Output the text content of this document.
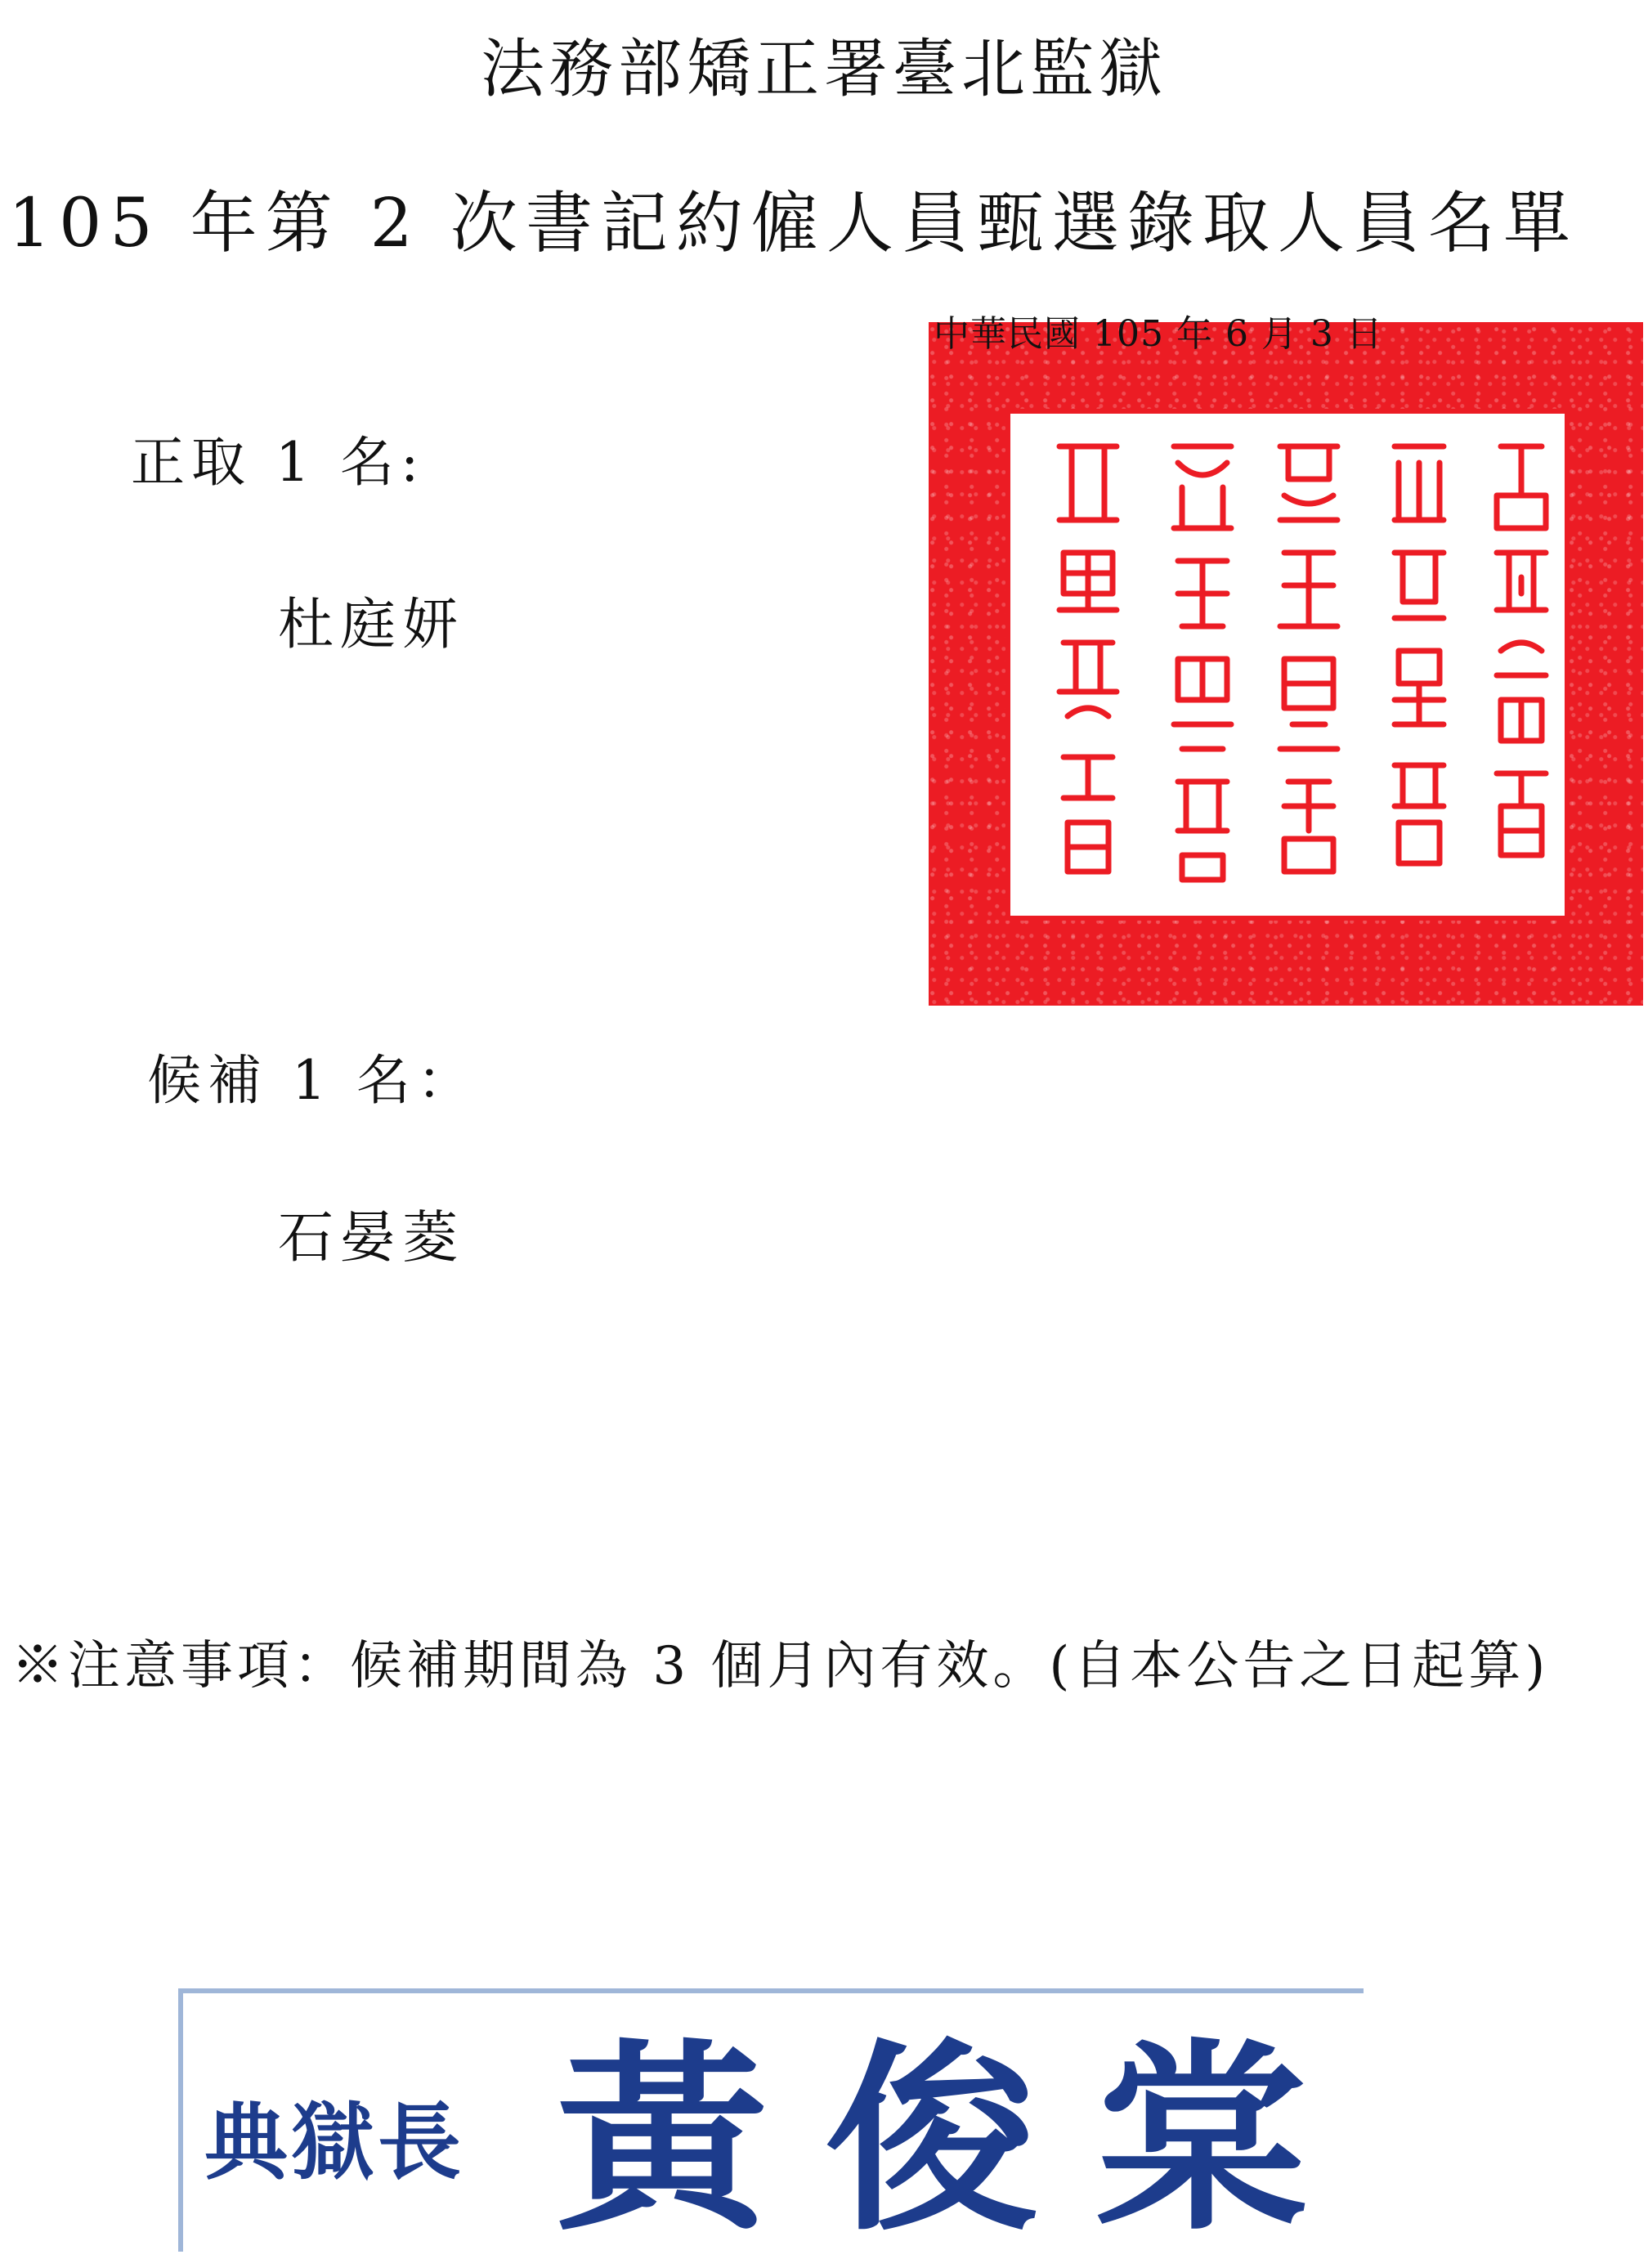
法務部矯正署臺北監獄
105 年第 2 次書記約僱人員甄選錄取人員名單
中華民國 105 年 6 月 3 日
正取 1 名:
杜庭妍
候補 1 名：
石晏菱
※注意事項：候補期間為 3 個月內有效。(自本公告之日起算)
典獄長 黃俊棠
